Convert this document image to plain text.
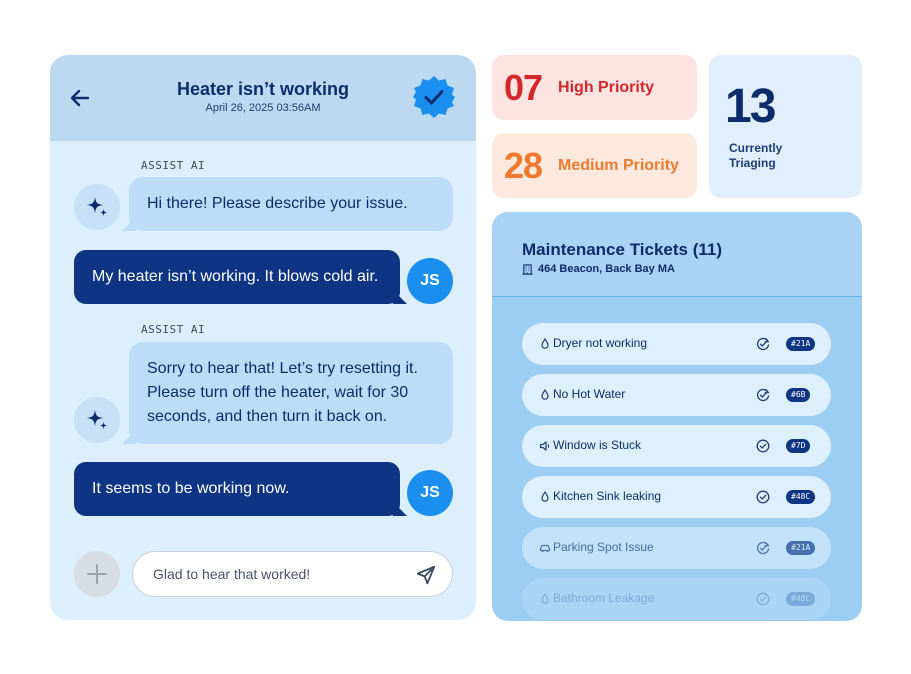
Heater isn’t working
April 26, 2025 03:56AM
ASSIST AI
Hi there! Please describe your issue.
My heater isn’t working. It blows cold air.	JS
ASSIST AI
Sorry to hear that! Let’s try resetting it. Please turn off the heater, wait for 30 seconds, and then turn it back on.
It seems to be working now.	JS
Glad to hear that worked!
07 High Priority
28 Medium Priority
13
Currently Triaging
Maintenance Tickets (11)
464 Beacon, Back Bay MA
Dryer not working	#21A
No Hot Water	#6B
Window is Stuck	#7D
Kitchen Sink leaking	#48C
Parking Spot Issue	#21A
Bathroom Leakage	#48C
